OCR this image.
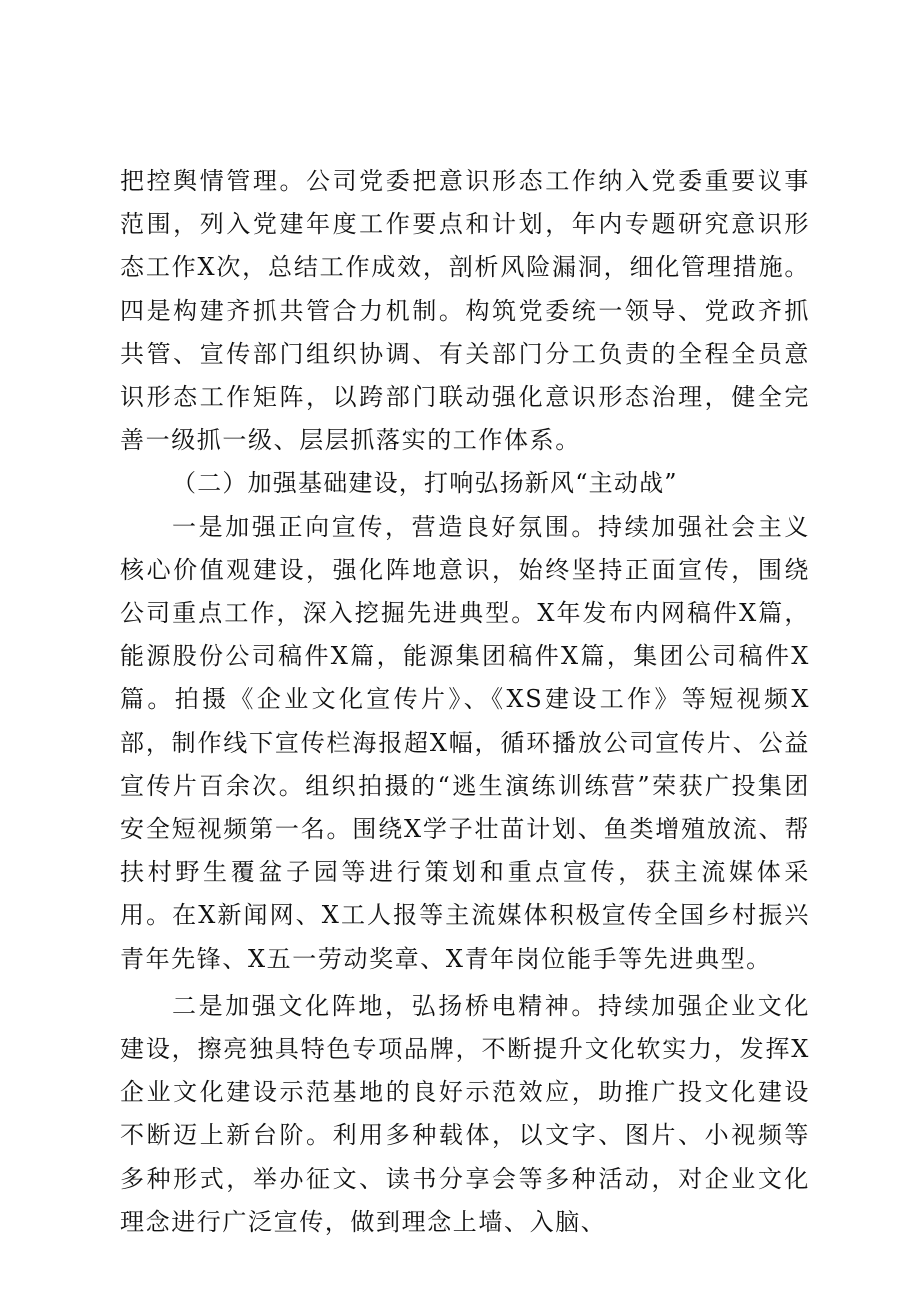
把控舆情管理。公司党委把意识形态工作纳入党委重要议事范围，列入党建年度工作要点和计划，年内专题研究意识形态工作X次，总结工作成效，剖析风险漏洞，细化管理措施。四是构建齐抓共管合力机制。构筑党委统一领导、党政齐抓共管、宣传部门组织协调、有关部门分工负责的全程全员意识形态工作矩阵，以跨部门联动强化意识形态治理，健全完善一级抓一级、层层抓落实的工作体系。

（二）加强基础建设，打响弘扬新风“主动战”

一是加强正向宣传，营造良好氛围。持续加强社会主义核心价值观建设，强化阵地意识，始终坚持正面宣传，围绕公司重点工作，深入挖掘先进典型。X年发布内网稿件X篇，能源股份公司稿件X篇，能源集团稿件X篇，集团公司稿件X篇。拍摄《企业文化宣传片》、《XS建设工作》等短视频X部，制作线下宣传栏海报超X幅，循环播放公司宣传片、公益宣传片百余次。组织拍摄的“逃生演练训练营”荣获广投集团安全短视频第一名。围绕X学子壮苗计划、鱼类增殖放流、帮扶村野生覆盆子园等进行策划和重点宣传，获主流媒体采用。在X新闻网、X工人报等主流媒体积极宣传全国乡村振兴青年先锋、X五一劳动奖章、X青年岗位能手等先进典型。

二是加强文化阵地，弘扬桥电精神。持续加强企业文化建设，擦亮独具特色专项品牌，不断提升文化软实力，发挥X企业文化建设示范基地的良好示范效应，助推广投文化建设不断迈上新台阶。利用多种载体，以文字、图片、小视频等多种形式，举办征文、读书分享会等多种活动，对企业文化理念进行广泛宣传，做到理念上墙、入脑、
